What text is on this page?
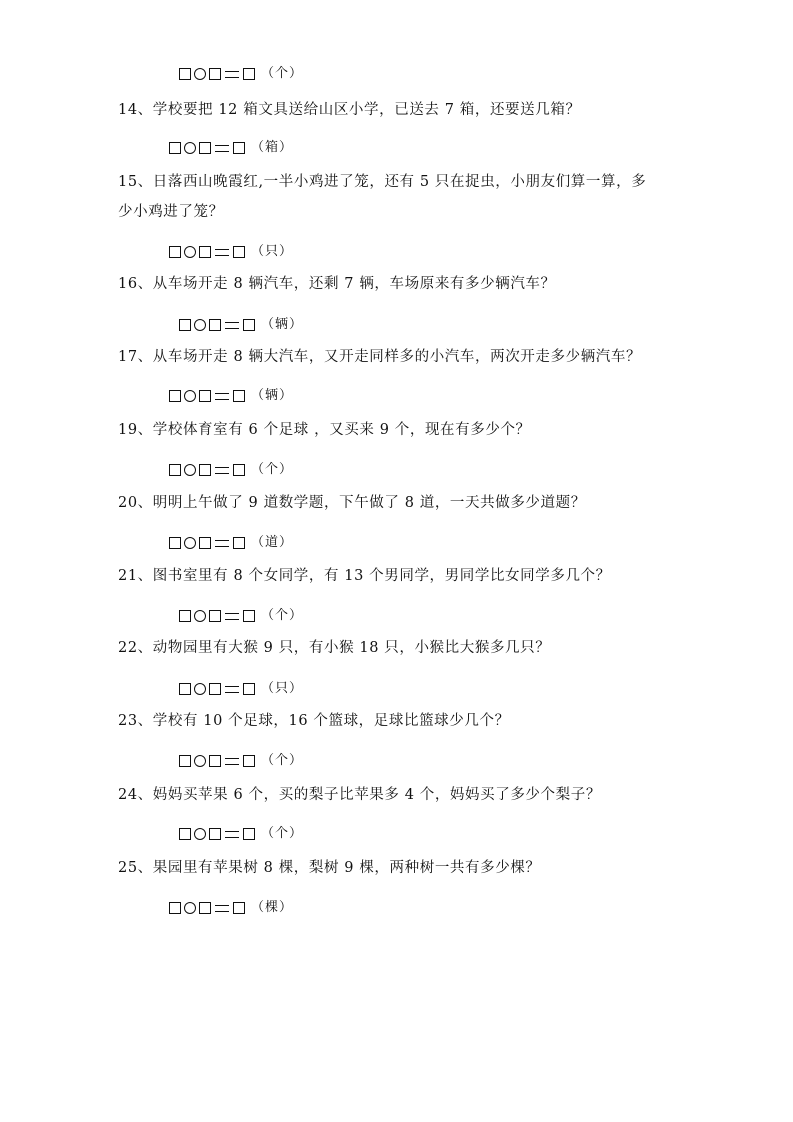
（个）
14、学校要把 12 箱文具送给山区小学，已送去 7 箱，还要送几箱？
（箱）
15、日落西山晚霞红,一半小鸡进了笼，还有 5 只在捉虫，小朋友们算一算，多
少小鸡进了笼？
（只）
16、从车场开走 8 辆汽车，还剩 7 辆，车场原来有多少辆汽车？
（辆）
17、从车场开走 8 辆大汽车，又开走同样多的小汽车，两次开走多少辆汽车？
（辆）
19、学校体育室有 6 个足球 ，又买来 9 个，现在有多少个？
（个）
20、明明上午做了 9 道数学题，下午做了 8 道，一天共做多少道题？
（道）
21、图书室里有 8 个女同学，有 13 个男同学，男同学比女同学多几个？
（个）
22、动物园里有大猴 9 只，有小猴 18 只，小猴比大猴多几只？
（只）
23、学校有 10 个足球，16 个篮球，足球比篮球少几个？
（个）
24、妈妈买苹果 6 个，买的梨子比苹果多 4 个，妈妈买了多少个梨子？
（个）
25、果园里有苹果树 8 棵，梨树 9 棵，两种树一共有多少棵？
（棵）
